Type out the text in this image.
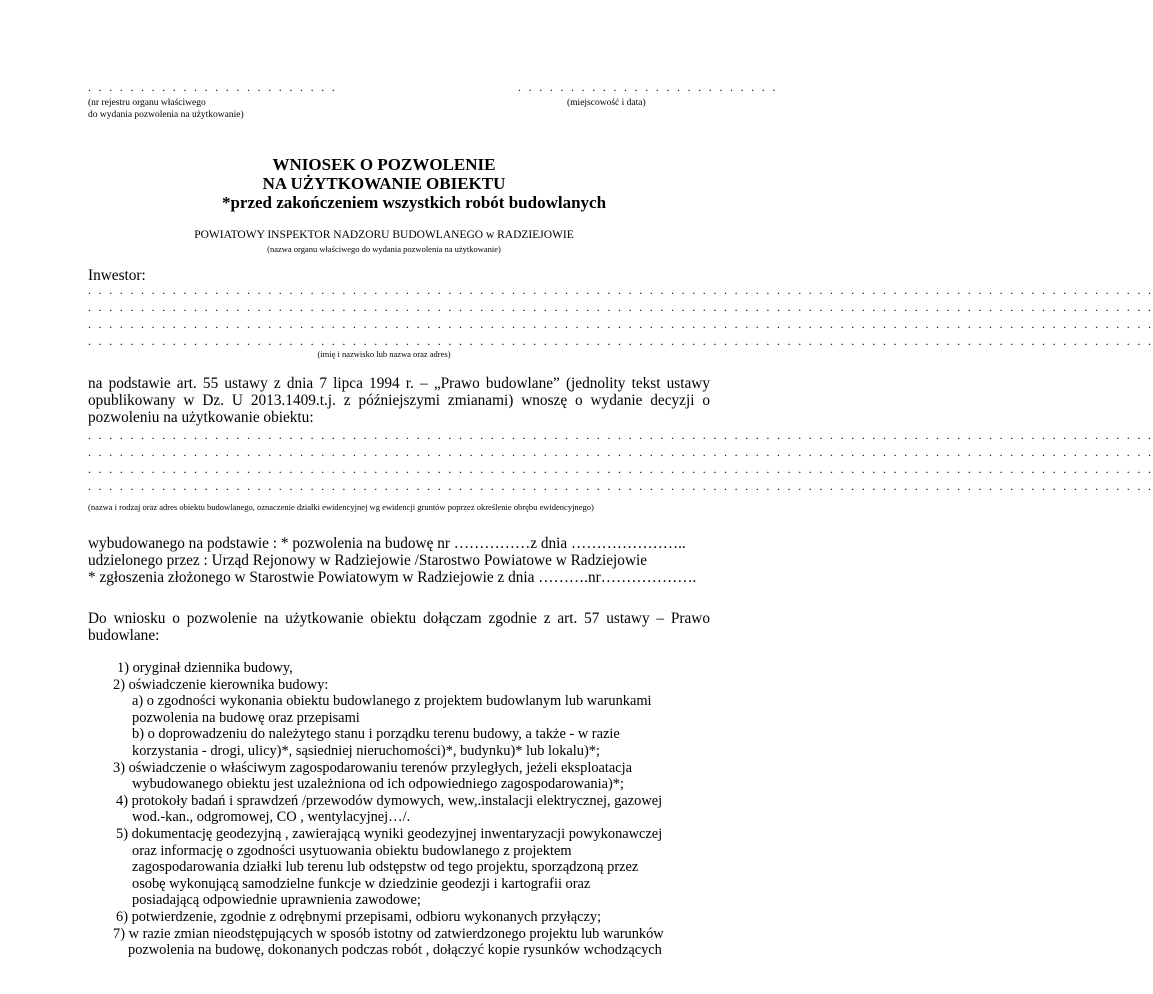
. . . . . . . . . . . . . . . . . . . . . . . .
(nr rejestru organu właściwego
do wydania pozwolenia na użytkowanie)
. . . . . . . . . . . . . . . . . . . . . . . . .
(miejscowość i data)
WNIOSEK O POZWOLENIE
NA UŻYTKOWANIE OBIEKTU
*przed zakończeniem wszystkich robót budowlanych
POWIATOWY INSPEKTOR NADZORU BUDOWLANEGO w RADZIEJOWIE
(nazwa organu właściwego do wydania pozwolenia na użytkowanie)
Inwestor:
. . . . . . . . . . . . . . . . . . . . . . . . . . . . . . . . . . . . . . . . . . . . . . . . . . . . . . . . . . . . . . . . . . . . . . . . . . . . . . . . . . . . . . . . . . . . . . . . . . . . .
. . . . . . . . . . . . . . . . . . . . . . . . . . . . . . . . . . . . . . . . . . . . . . . . . . . . . . . . . . . . . . . . . . . . . . . . . . . . . . . . . . . . . . . . . . . . . . . . . . . . .
. . . . . . . . . . . . . . . . . . . . . . . . . . . . . . . . . . . . . . . . . . . . . . . . . . . . . . . . . . . . . . . . . . . . . . . . . . . . . . . . . . . . . . . . . . . . . . . . . . . . .
. . . . . . . . . . . . . . . . . . . . . . . . . . . . . . . . . . . . . . . . . . . . . . . . . . . . . . . . . . . . . . . . . . . . . . . . . . . . . . . . . . . . . . . . . . . . . . . . . . . . .
(imię i nazwisko lub nazwa oraz adres)
na podstawie art. 55 ustawy z dnia 7 lipca 1994 r. – „Prawo budowlane” (jednolity tekst ustawy opublikowany w Dz. U 2013.1409.t.j. z późniejszymi zmianami) wnoszę o wydanie decyzji o pozwoleniu na użytkowanie obiektu:
. . . . . . . . . . . . . . . . . . . . . . . . . . . . . . . . . . . . . . . . . . . . . . . . . . . . . . . . . . . . . . . . . . . . . . . . . . . . . . . . . . . . . . . . . . . . . . . . . . . . .
. . . . . . . . . . . . . . . . . . . . . . . . . . . . . . . . . . . . . . . . . . . . . . . . . . . . . . . . . . . . . . . . . . . . . . . . . . . . . . . . . . . . . . . . . . . . . . . . . . . . .
. . . . . . . . . . . . . . . . . . . . . . . . . . . . . . . . . . . . . . . . . . . . . . . . . . . . . . . . . . . . . . . . . . . . . . . . . . . . . . . . . . . . . . . . . . . . . . . . . . . . .
. . . . . . . . . . . . . . . . . . . . . . . . . . . . . . . . . . . . . . . . . . . . . . . . . . . . . . . . . . . . . . . . . . . . . . . . . . . . . . . . . . . . . . . . . . . . . . . . . . . . .
(nazwa i rodzaj oraz adres obiektu budowlanego, oznaczenie działki ewidencyjnej wg ewidencji gruntów poprzez określenie obrębu ewidencyjnego)
wybudowanego na podstawie : * pozwolenia na budowę nr ……………z dnia …………………..
udzielonego przez : Urząd Rejonowy w Radziejowie /Starostwo Powiatowe w Radziejowie
* zgłoszenia złożonego w Starostwie Powiatowym w Radziejowie z dnia ……….nr……………….
Do wniosku o pozwolenie na użytkowanie obiektu dołączam zgodnie z art. 57 ustawy – Prawo budowlane:
1) oryginał dziennika budowy,
2) oświadczenie kierownika budowy:
a) o zgodności wykonania obiektu budowlanego z projektem budowlanym lub warunkami
pozwolenia na budowę oraz przepisami
b) o doprowadzeniu do należytego stanu i porządku terenu budowy, a także - w razie
korzystania - drogi, ulicy)*, sąsiedniej nieruchomości)*, budynku)* lub lokalu)*;
3) oświadczenie o właściwym zagospodarowaniu terenów przyległych, jeżeli eksploatacja
wybudowanego obiektu jest uzależniona od ich odpowiedniego zagospodarowania)*;
4) protokoły badań i sprawdzeń /przewodów dymowych, wew,.instalacji elektrycznej, gazowej
wod.-kan., odgromowej, CO , wentylacyjnej…/.
5) dokumentację geodezyjną , zawierającą wyniki geodezyjnej inwentaryzacji powykonawczej
oraz informację o zgodności usytuowania obiektu budowlanego z projektem
zagospodarowania działki lub terenu lub odstępstw od tego projektu, sporządzoną przez
osobę wykonującą samodzielne funkcje w dziedzinie geodezji i kartografii oraz
posiadającą odpowiednie uprawnienia zawodowe;
6) potwierdzenie, zgodnie z odrębnymi przepisami, odbioru wykonanych przyłączy;
7) w razie zmian nieodstępujących w sposób istotny od zatwierdzonego projektu lub warunków
pozwolenia na budowę, dokonanych podczas robót , dołączyć kopie rysunków wchodzących
